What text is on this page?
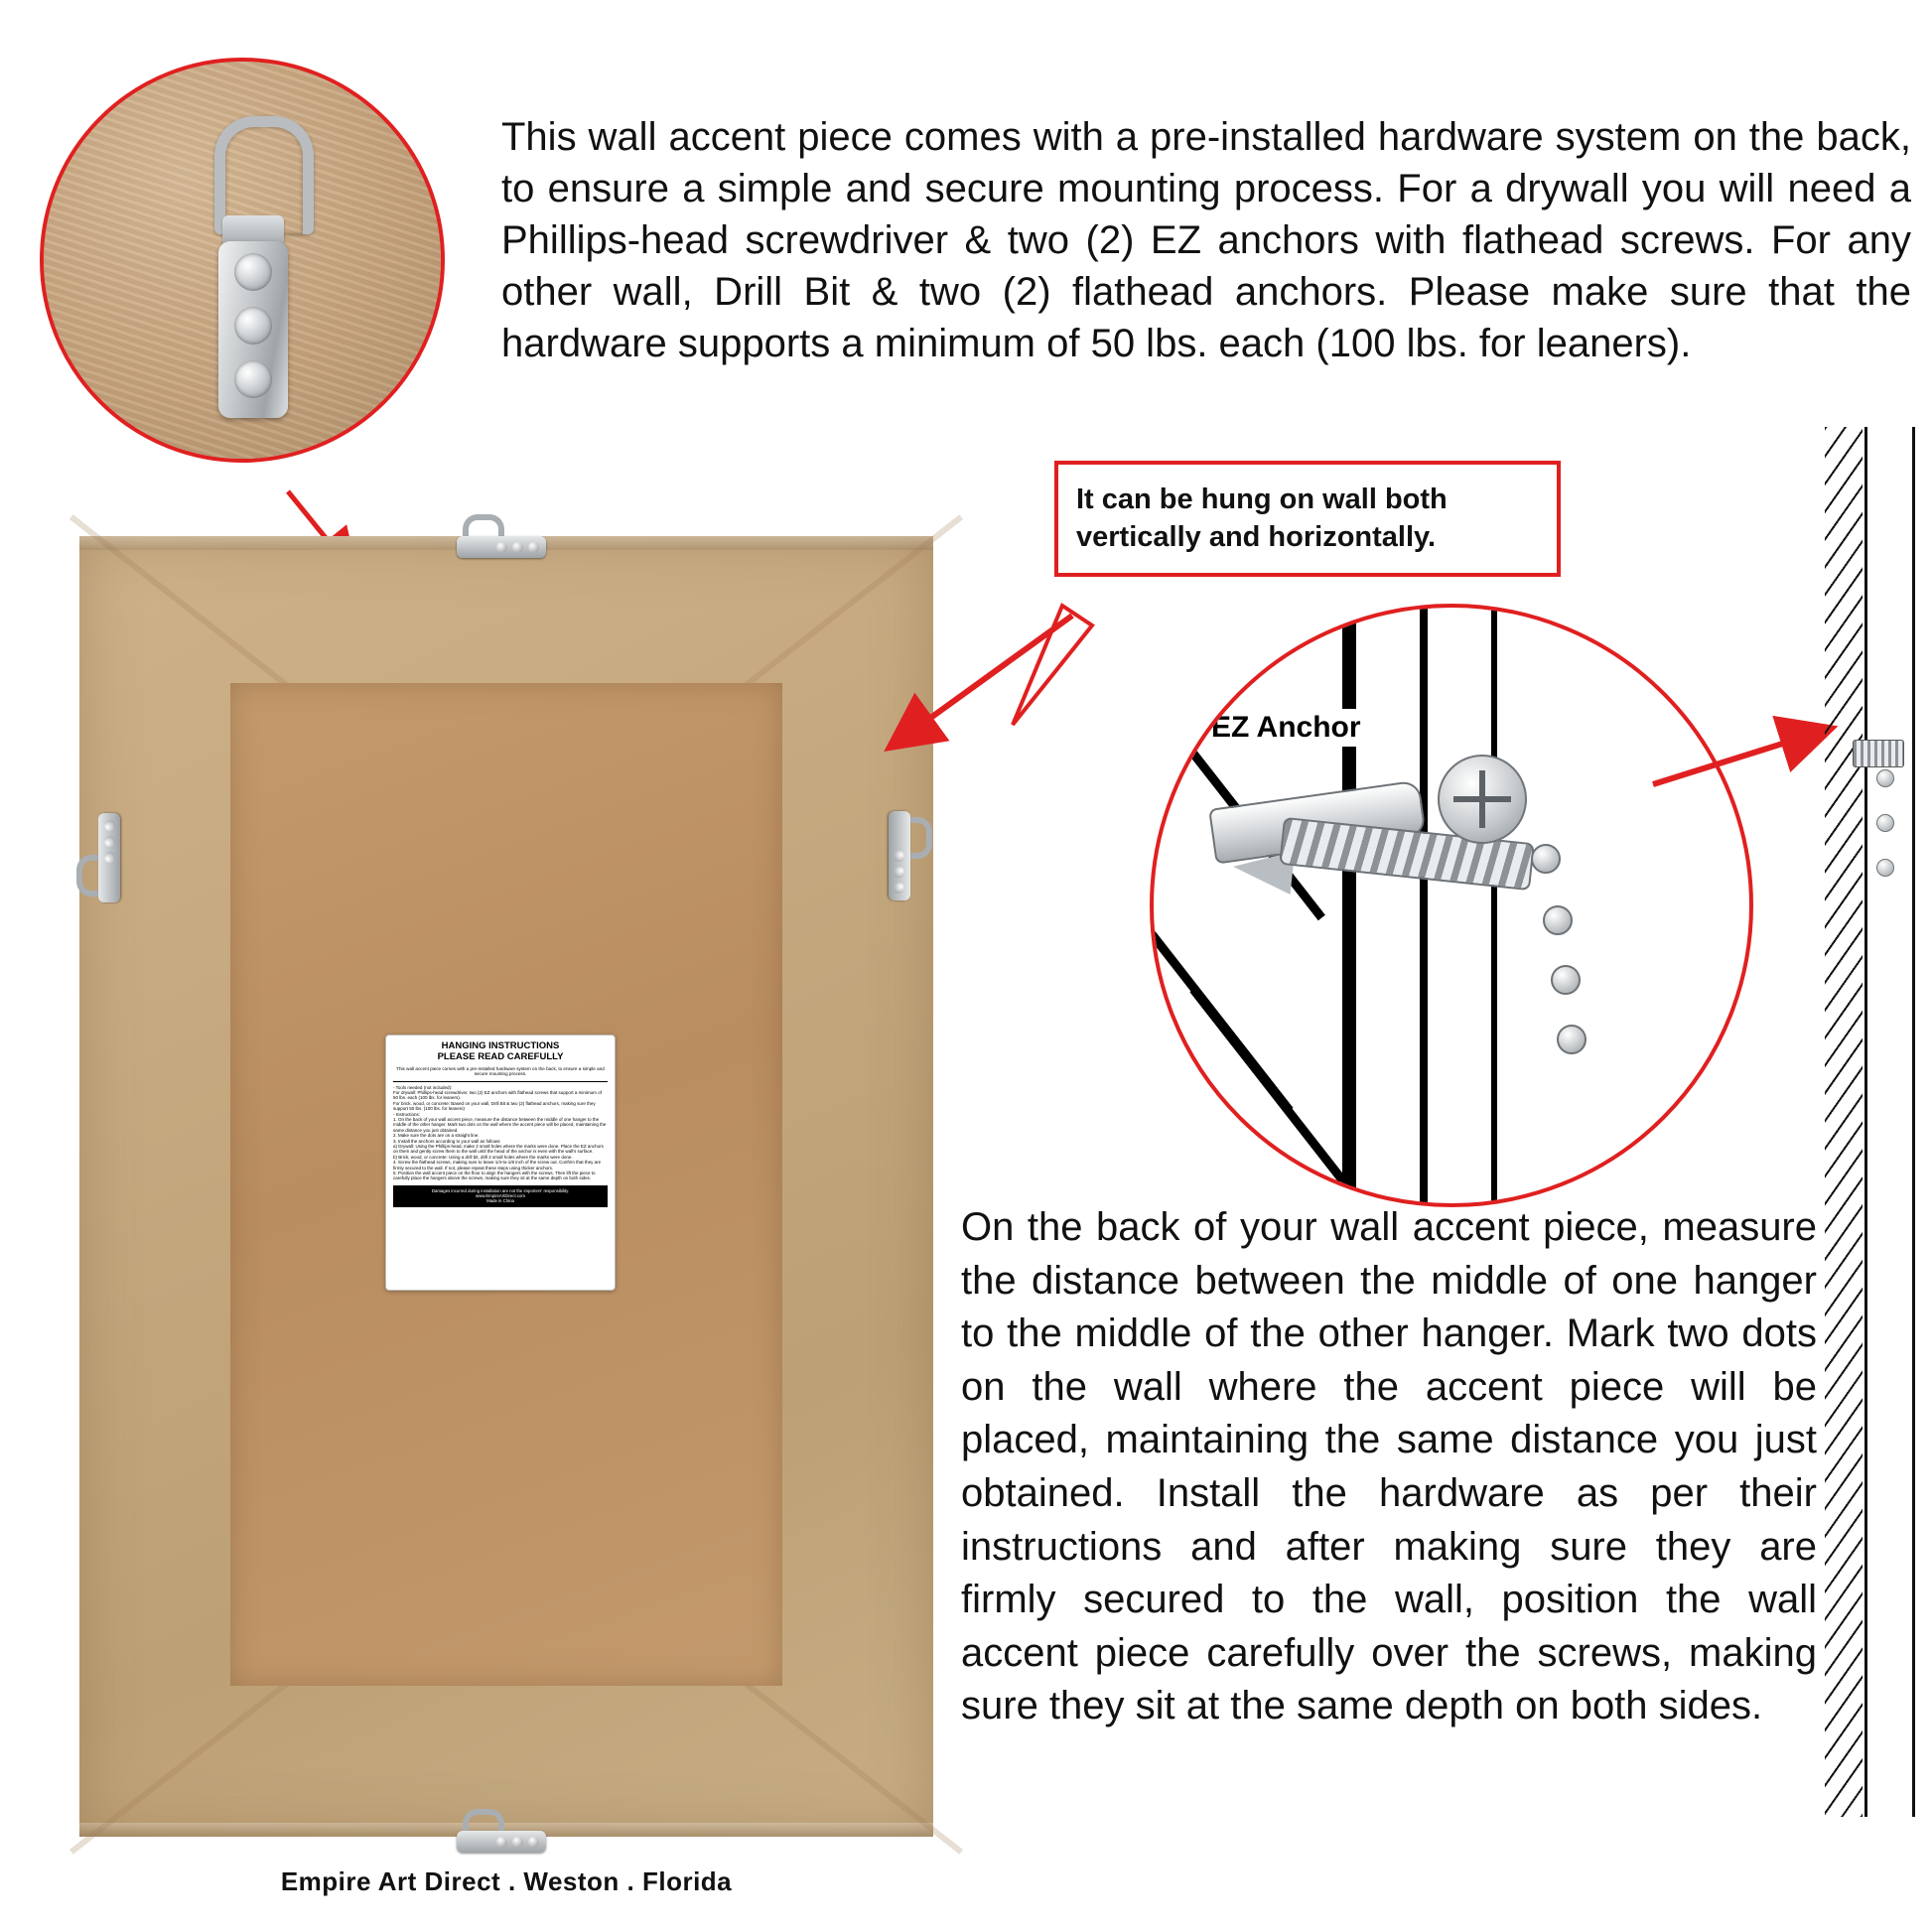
This wall accent piece comes with a pre-installed hardware system on the back, to ensure a simple and secure mounting process. For a drywall you will need a Phillips-head screwdriver & two (2) EZ anchors with flathead screws. For any other wall, Drill Bit & two (2) flathead anchors. Please make sure that the hardware supports a minimum of 50 lbs. each (100 lbs. for leaners).
HANGING INSTRUCTIONS
PLEASE READ CAREFULLY
This wall accent piece comes with a pre-installed hardware system on the back, to ensure a simple and secure mounting process.
- Tools needed (not included):
For drywall: Phillips-head screwdriver, two (2) EZ anchors with flathead screws that support a minimum of 50 lbs. each (100 lbs. for leaners).
For brick, wood, or concrete: Based on your wall, Drill Bit & two (2) flathead anchors, making sure they support 50 lbs. (100 lbs. for leaners)
- Instructions:
1. On the back of your wall accent piece, measure the distance between the middle of one hanger to the middle of the other hanger. Mark two dots on the wall where the accent piece will be placed, maintaining the same distance you just obtained.
2. Make sure the dots are on a straight line.
3. Install the anchors according to your wall as follows:
a) Drywall: Using the Phillips-head, make 2 small holes where the marks were done. Place the EZ anchors on them and gently screw them to the wall until the head of the anchor is even with the wall's surface.
b) Brick, wood, or concrete: Using a drill bit, drill 2 small holes where the marks were done.
4. Screw the flathead screws, making sure to leave 1/4-to-1/8 inch of the screw out. Confirm that they are firmly secured to the wall. If not, please repeat these steps using thicker anchors.
5. Position the wall accent piece on the floor to align the hangers with the screws. Then lift the piece to carefully place the hangers above the screws, making sure they sit at the same depth on both sides.
Damages incurred during installation are not the importers' responsibility.
www.EmpireArtDirect.com
Made in China
Empire Art Direct . Weston . Florida
It can be hung on wall both vertically and horizontally.
EZ Anchor
On the back of your wall accent piece, measure the distance between the middle of one hanger to the middle of the other hanger. Mark two dots on the wall where the accent piece will be placed, maintaining the same distance you just obtained. Install the hardware as per their instructions and after making sure they are firmly secured to the wall, position the wall accent piece carefully over the screws, making sure they sit at the same depth on both sides.
